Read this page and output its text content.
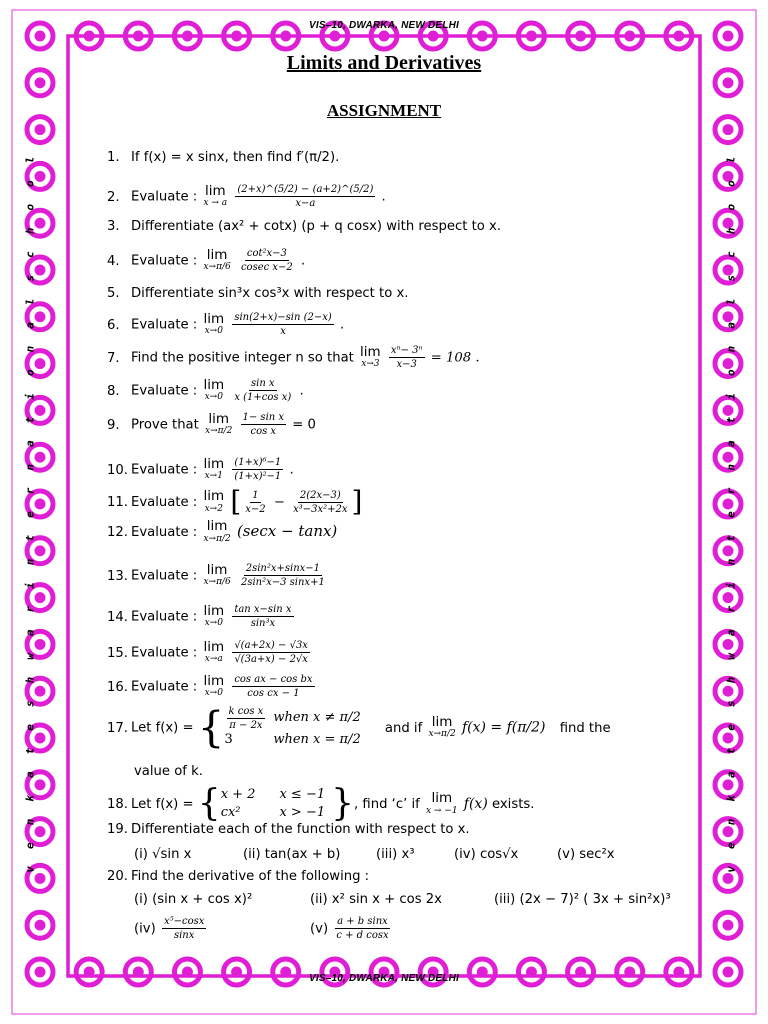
VIS–10, DWARKA, NEW DELHI
VIS–10, DWARKA, NEW DELHI
v e n k a t e s h w a r i n t e r n a t i o n a l s c h o o l	v e n k a t e s h w a r i n t e r n a t i o n a l s c h o o l
Limits and Derivatives
ASSIGNMENT
1. If f(x) = x sinx, then find f′(π/2).
2. Evaluate : lim
x → a
$\frac{(2+x)\^{}(5/2) - (a+2)\^{}(5/2)}{x-a}$ .
3. Differentiate (ax² + cotx) (p + q cosx) with respect to x.
4. Evaluate : lim
x→π/6
$\frac{\text{cot²x−3}}{\text{cosec x−2}}$ .
5. Differentiate sin³x cos³x with respect to x.
6. Evaluate : lim
x→0
$\frac{\sin(2+x)-\sin (2-x)}{x}$ .
7. Find the positive integer n so that lim
x→3
$\frac{\text{xⁿ− 3ⁿ}}{x-3} = 108$ .
8. Evaluate : lim
x→0
$\frac{\text{sin x}}{\text{x (1+cos x)}}$ .
9. Prove that lim
x→π/2
$\frac{\text{1− sin x}}{\text{cos x}} = 0$
10. Evaluate : lim
x→1
$\frac{\text{(1+x)⁶−1}}{\text{(1+x)²−1}}$ .
11. Evaluate : lim
x→2 [ $\frac{1}{x-2} - \frac{2(2x-3)}{\text{x³−3x²+2x}}$ ]
12. Evaluate : lim
x→π/2 (secx − tanx)
13. Evaluate : lim
x→π/6
$\frac{\text{2sin²x+sinx−1}}{\text{2sin²x−3 sinx+1}}$
14. Evaluate : lim
x→0
$\frac{\text{tan x−sin x}}{\text{sin³x}}$
15. Evaluate : lim
x→a
$\frac{√(a+2x) - √3x}{√(3a+x) - 2√x}$
16. Evaluate : lim
x→0
$\frac{\text{cos ax − cos bx}}{\text{cos cx − 1}}$
17. Let f(x) = { $\frac{\text{k cos x}}{\pi - 2x}$	when x ≠ π/2
3	when x = π/2 and if lim
x→π/2 f(x) = f(π/2) find the
value of k.
18. Let f(x) = { x + 2	x ≤ −1
cx²	x > −1 }, find ‘c’ if lim
x → −1 f(x) exists.
19. Differentiate each of the function with respect to x.
(i) √sin x	(ii) tan(ax + b)	(iii) x³	(iv) cos√x	(v) sec²x
20. Find the derivative of the following :
(i) (sin x + cos x)²	(ii) x² sin x + cos 2x	(iii) (2x − 7)² ( 3x + sin²x)³
$(iv) \frac{\text{x⁵−cosx}}{\sin x}$	$(v) \frac{\text{a + b sinx}}{\text{c + d cosx}}$
